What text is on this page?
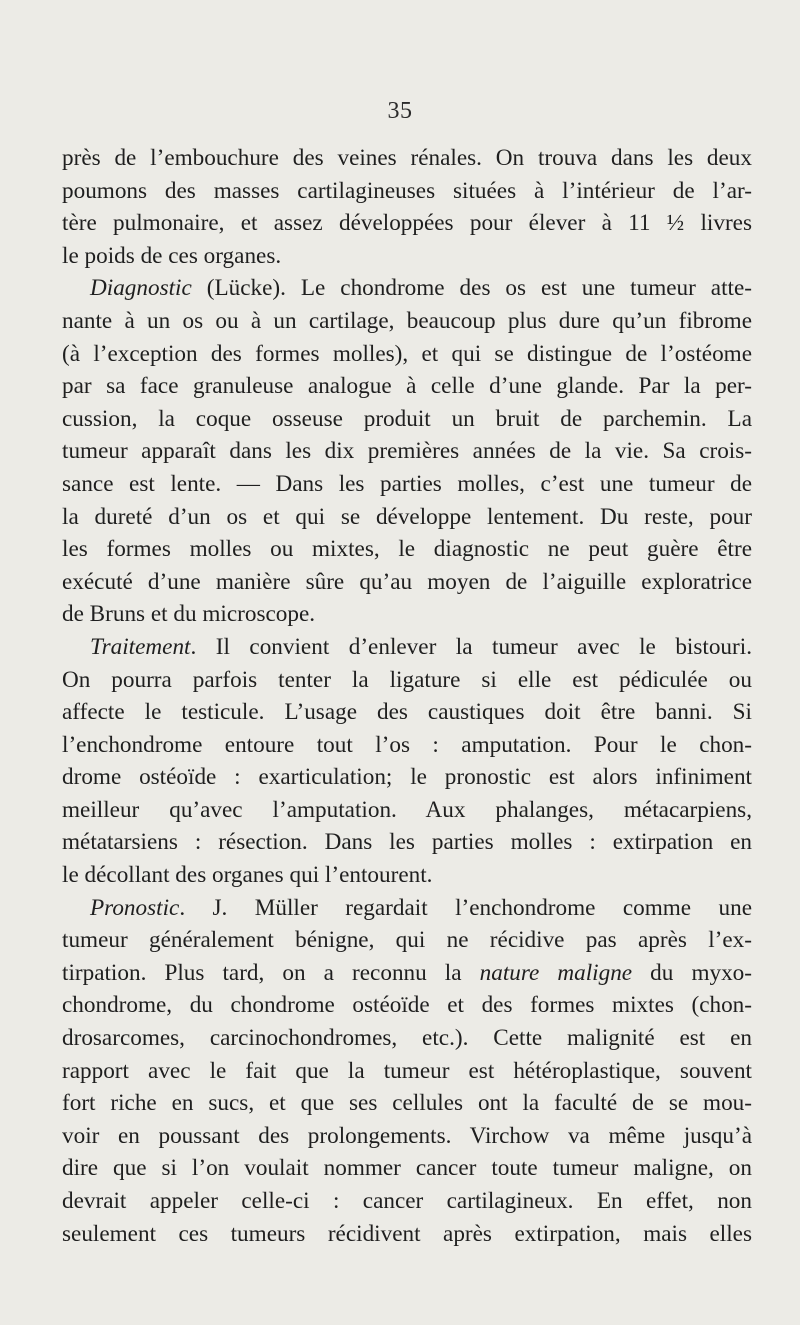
35
près de l’embouchure des veines rénales. On trouva dans les deux
poumons des masses cartilagineuses situées à l’intérieur de l’ar-
tère pulmonaire, et assez développées pour élever à 11 ½ livres
le poids de ces organes.
Diagnostic (Lücke). Le chondrome des os est une tumeur atte-
nante à un os ou à un cartilage, beaucoup plus dure qu’un fibrome
(à l’exception des formes molles), et qui se distingue de l’ostéome
par sa face granuleuse analogue à celle d’une glande. Par la per-
cussion, la coque osseuse produit un bruit de parchemin. La
tumeur apparaît dans les dix premières années de la vie. Sa crois-
sance est lente. — Dans les parties molles, c’est une tumeur de
la dureté d’un os et qui se développe lentement. Du reste, pour
les formes molles ou mixtes, le diagnostic ne peut guère être
exécuté d’une manière sûre qu’au moyen de l’aiguille exploratrice
de Bruns et du microscope.
Traitement. Il convient d’enlever la tumeur avec le bistouri.
On pourra parfois tenter la ligature si elle est pédiculée ou
affecte le testicule. L’usage des caustiques doit être banni. Si
l’enchondrome entoure tout l’os : amputation. Pour le chon-
drome ostéoïde : exarticulation; le pronostic est alors infiniment
meilleur qu’avec l’amputation. Aux phalanges, métacarpiens,
métatarsiens : résection. Dans les parties molles : extirpation en
le décollant des organes qui l’entourent.
Pronostic. J. Müller regardait l’enchondrome comme une
tumeur généralement bénigne, qui ne récidive pas après l’ex-
tirpation. Plus tard, on a reconnu la nature maligne du myxo-
chondrome, du chondrome ostéoïde et des formes mixtes (chon-
drosarcomes, carcinochondromes, etc.). Cette malignité est en
rapport avec le fait que la tumeur est hétéroplastique, souvent
fort riche en sucs, et que ses cellules ont la faculté de se mou-
voir en poussant des prolongements. Virchow va même jusqu’à
dire que si l’on voulait nommer cancer toute tumeur maligne, on
devrait appeler celle-ci : cancer cartilagineux. En effet, non
seulement ces tumeurs récidivent après extirpation, mais elles
